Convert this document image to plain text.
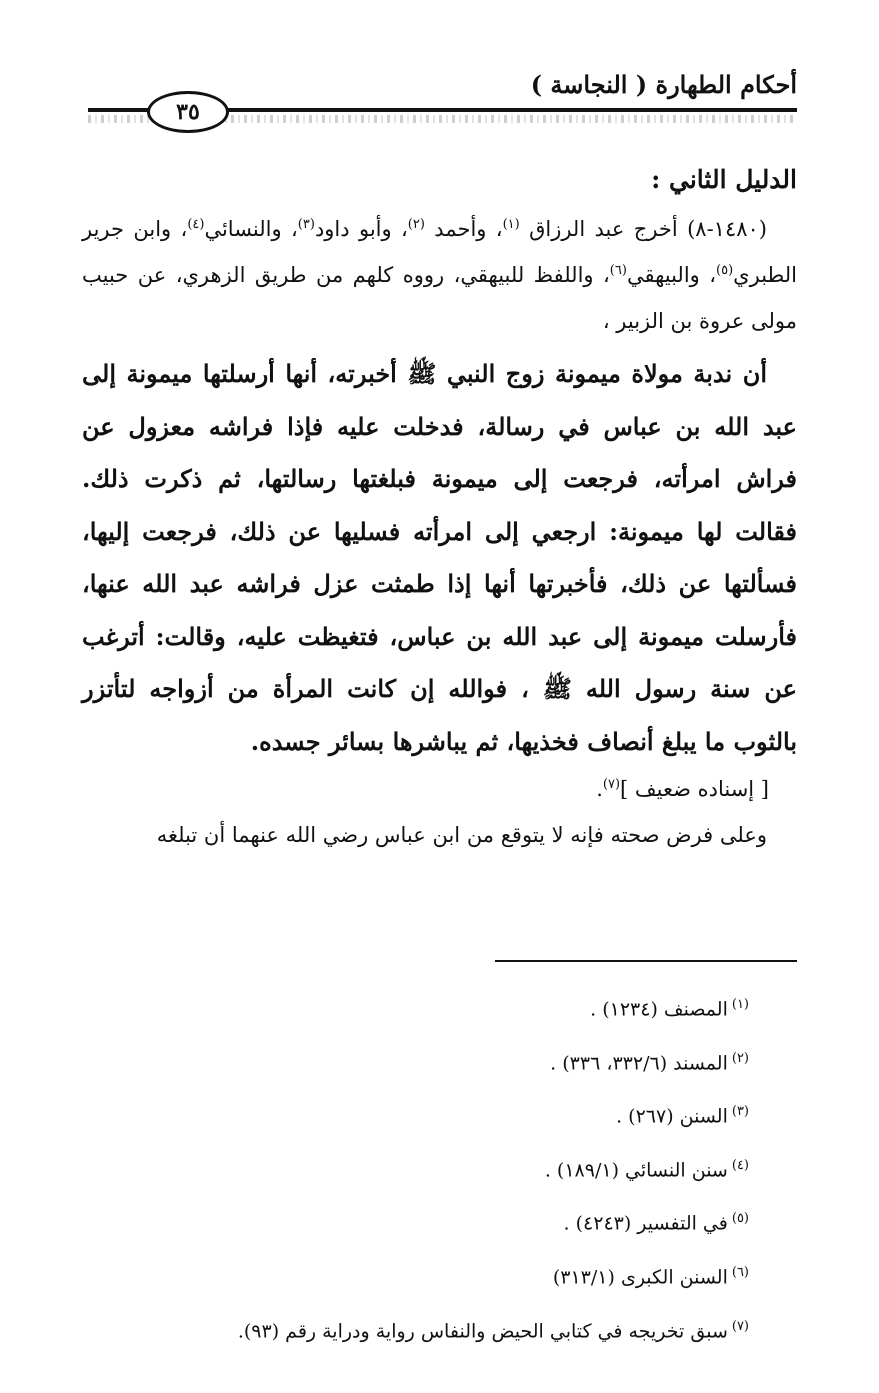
أحكام الطهارة ( النجاسة )
٣٥

الدليل الثاني :

(١٤٨٠-٨) أخرج عبد الرزاق $^{(١)}$، وأحمد $^{(٢)}$، وأبو داود$^{(٣)}$، والنسائي$^{(٤)}$، وابن جرير الطبري$^{(٥)}$، والبيهقي$^{(٦)}$، واللفظ للبيهقي، رووه كلهم من طريق الزهري، عن حبيب مولى عروة بن الزبير ،

أن ندبة مولاة ميمونة زوج النبي ﷺ أخبرته، أنها أرسلتها ميمونة إلى عبد الله بن عباس في رسالة، فدخلت عليه فإذا فراشه معزول عن فراش امرأته، فرجعت إلى ميمونة فبلغتها رسالتها، ثم ذكرت ذلك. فقالت لها ميمونة: ارجعي إلى امرأته فسليها عن ذلك، فرجعت إليها، فسألتها عن ذلك، فأخبرتها أنها إذا طمثت عزل فراشه عبد الله عنها، فأرسلت ميمونة إلى عبد الله بن عباس، فتغيظت عليه، وقالت: أترغب عن سنة رسول الله ﷺ ، فوالله إن كانت المرأة من أزواجه لتأتزر بالثوب ما يبلغ أنصاف فخذيها، ثم يباشرها بسائر جسده.

[ إسناده ضعيف ]$^{(٧)}$.

وعلى فرض صحته فإنه لا يتوقع من ابن عباس رضي الله عنهما أن تبلغه

$^{(١)}$المصنف (١٢٣٤) .
$^{(٢)}$المسند (٣٣٢/٦، ٣٣٦) .
$^{(٣)}$السنن (٢٦٧) .
$^{(٤)}$سنن النسائي (١٨٩/١) .
$^{(٥)}$في التفسير (٤٢٤٣) .
$^{(٦)}$السنن الكبرى (٣١٣/١)
$^{(٧)}$سبق تخريجه في كتابي الحيض والنفاس رواية ودراية رقم (٩٣).
